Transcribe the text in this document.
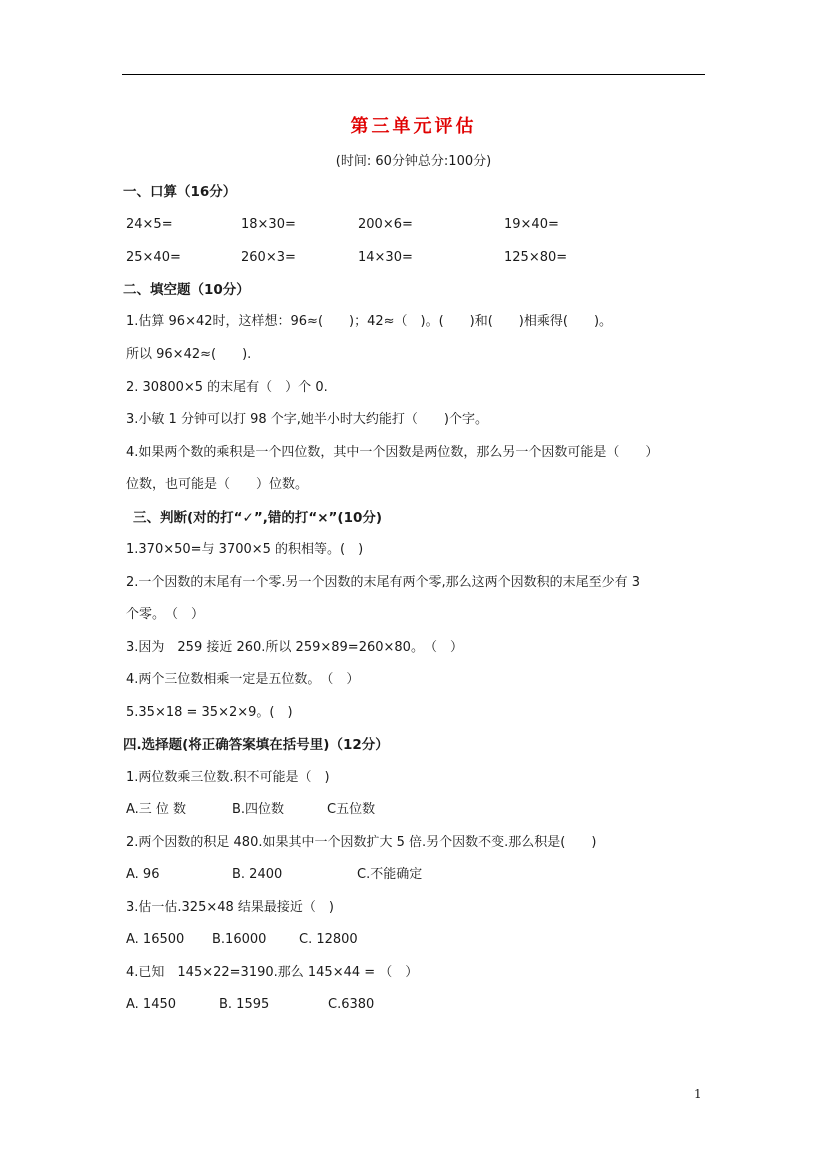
第三单元评估
(时间: 60分钟总分:100分)
一、口算（16分）
24×5=	18×30=	200×6=	19×40=
25×40=	260×3=	14×30=	125×80=
二、填空题（10分）
1.估算 96×42时，这样想：96≈(　　)；42≈（　)。(　　)和(　　)相乘得(　　)。
所以 96×42≈(　　).
2. 30800×5 的末尾有（　）个 0.
3.小敏 1 分钟可以打 98 个字,她半小时大约能打（　　)个字。
4.如果两个数的乘积是一个四位数，其中一个因数是两位数，那么另一个因数可能是（　　）
位数，也可能是（　　）位数。
三、判断(对的打“✓”,错的打“×”(10分)
1.370×50=与 3700×5 的积相等。(　)
2.一个因数的末尾有一个零.另一个因数的末尾有两个零,那么这两个因数积的末尾至少有 3
个零。　（　）
3.因为　259 接近 260.所以 259×89=260×80。　（　）
4.两个三位数相乘一定是五位数。　（　）
5.35×18 = 35×2×9。(　)
四.选择题(将正确答案填在括号里)（12分）
1.两位数乘三位数.积不可能是（　)
A.三 位 数	B.四位数	C五位数
2.两个因数的积足 480.如果其中一个因数扩大 5 倍.另个因数不变.那么积是(　　)
A. 96	B. 2400	C.不能确定
3.估一估.325×48 结果最接近（　)
A. 16500 B.16000	C. 12800
4.已知　145×22=3190.那么 145×44 = （　）
A. 1450	B. 1595	C.6380
1
